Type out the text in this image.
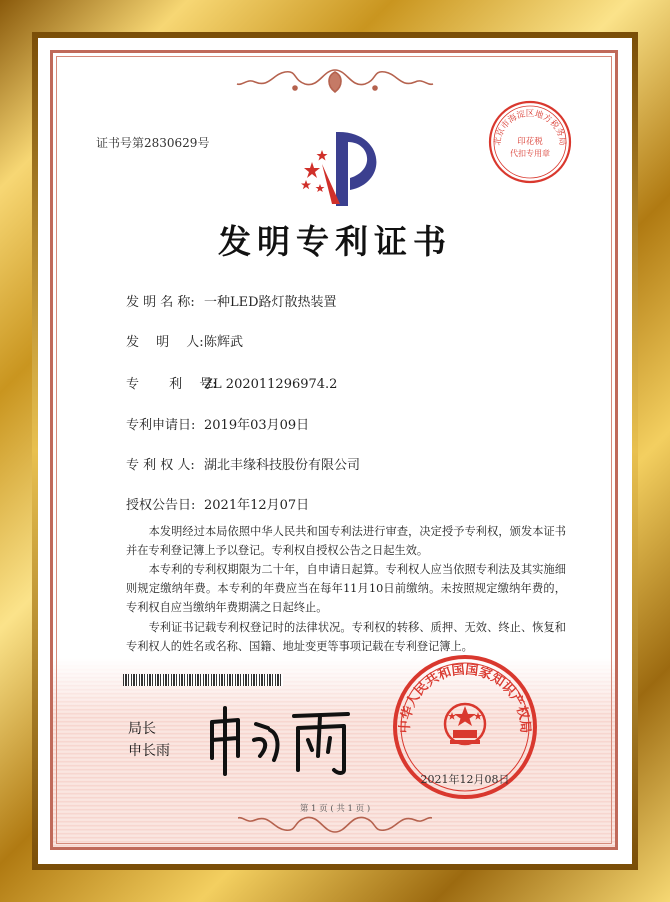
证书号第2830629号	北京市海淀区地方税务局
印花税
代扣专用章
发明专利证书
发 明 名 称: 一种LED路灯散热装置
发　 明　 人:陈辉武
专　　 利　 号:ZL 202011296974.2
专利申请日: 2019年03月09日
专 利 权 人: 湖北丰缘科技股份有限公司
授权公告日: 2021年12月07日
　　本发明经过本局依照中华人民共和国专利法进行审查，决定授予专利权，颁发本证书并在专利登记簿上予以登记。专利权自授权公告之日起生效。
　　本专利的专利权期限为二十年，自申请日起算。专利权人应当依照专利法及其实施细则规定缴纳年费。本专利的年费应当在每年11月10日前缴纳。未按照规定缴纳年费的，专利权自应当缴纳年费期满之日起终止。
　　专利证书记载专利权登记时的法律状况。专利权的转移、质押、无效、终止、恢复和专利权人的姓名或名称、国籍、地址变更等事项记载在专利登记簿上。
局长
申长雨
中华人民共和国国家知识产权局
2021年12月08日
第 1 页 ( 共 1 页 )
